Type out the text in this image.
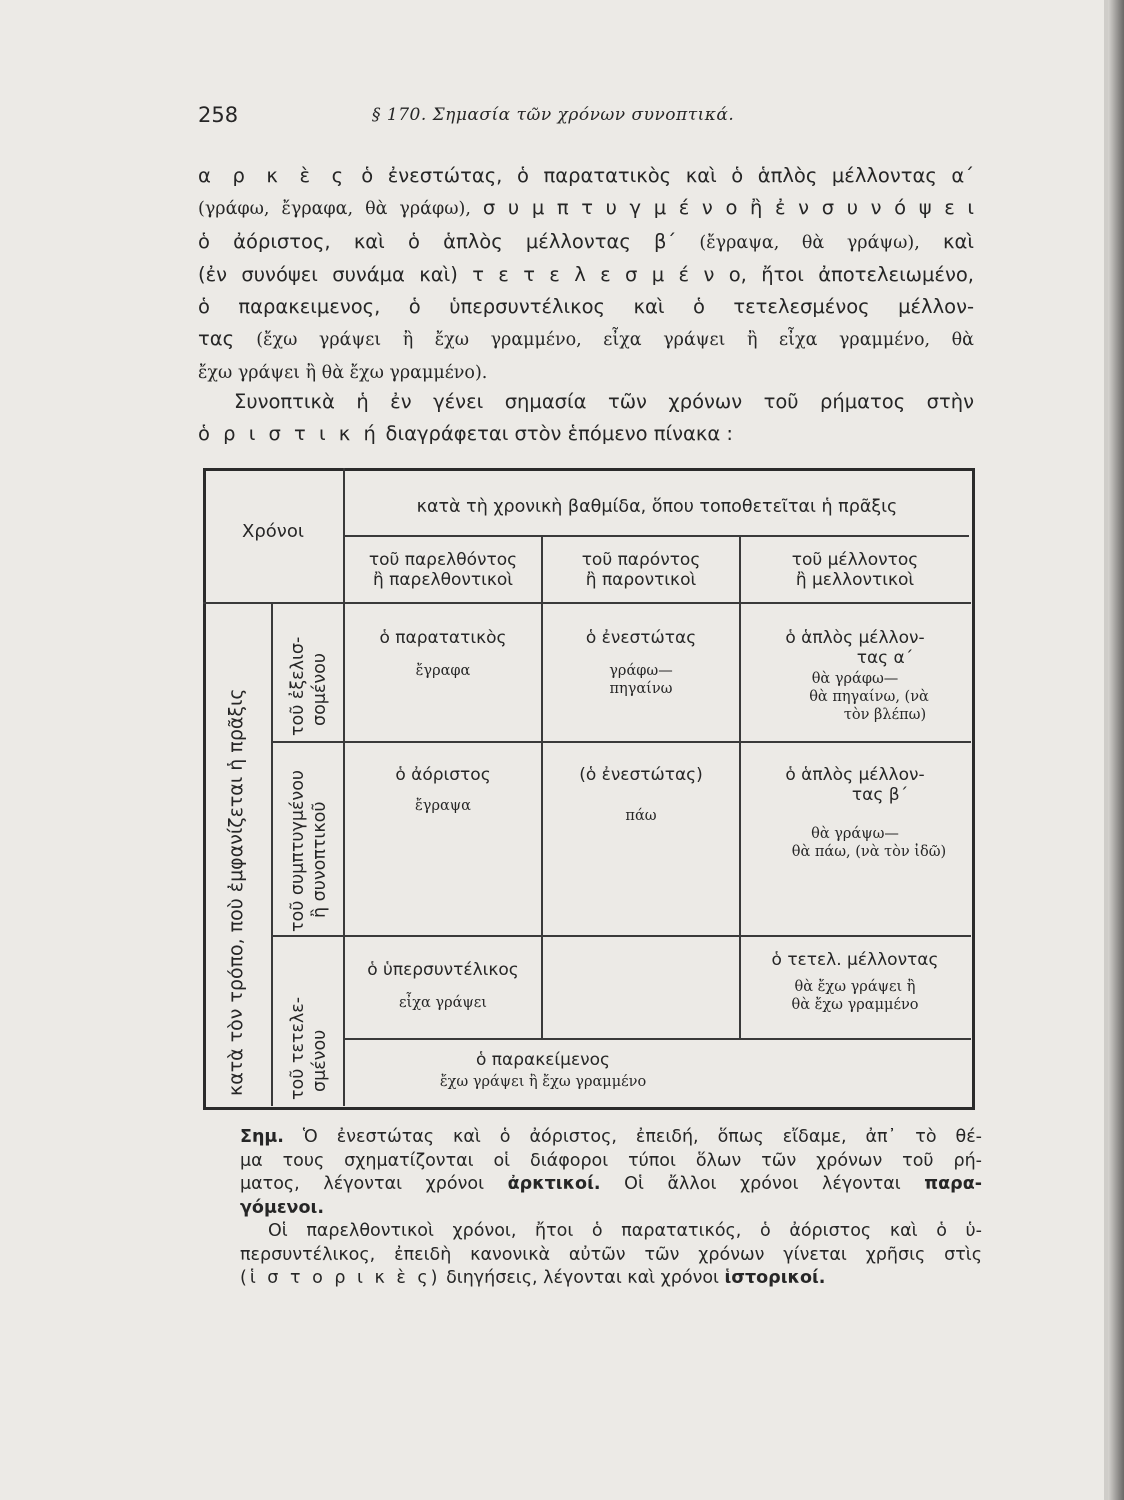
258	§ 170. Σημασία τῶν χρόνων συνοπτικά.
α ρ κ ὲ ς ὁ ἐνεστώτας, ὁ παρατατικὸς καὶ ὁ ἁπλὸς μέλλοντας α´
(γράφω, ἔγραφα, θὰ γράφω), σ υ μ π τ υ γ μ έ ν ο ἢ ἐ ν σ υ ν ό ψ ε ι
ὁ ἀόριστος, καὶ ὁ ἁπλὸς μέλλοντας β´ (ἔγραψα, θὰ γράψω), καὶ
(ἐν συνόψει συνάμα καὶ) τ ε τ ε λ ε σ μ έ ν ο, ἤτοι ἀποτελειωμένο,
ὁ παρακειμενος, ὁ ὑπερσυντέλικος καὶ ὁ τετελεσμένος μέλλον-
τας (ἔχω γράψει ἢ ἔχω γραμμένο, εἶχα γράψει ἢ εἶχα γραμμένο, θὰ
ἔχω γράψει ἢ θὰ ἔχω γραμμένο).
Συνοπτικὰ ἡ ἐν γένει σημασία τῶν χρόνων τοῦ ρήματος στὴν
ὁ ρ ι σ τ ι κ ή διαγράφεται στὸν ἑπόμενο πίνακα :
Χρόνοι
κατὰ τὴ χρονικὴ βαθμίδα, ὅπου τοποθετεῖται ἡ πρᾶξις
τοῦ παρελθόντος
ἢ παρελθοντικοὶ
τοῦ παρόντος
ἢ παροντικοὶ
τοῦ μέλλοντος
ἢ μελλοντικοὶ
κατὰ τὸν τρόπο, ποὺ ἐμφανίζεται ἡ πρᾶξις τοῦ συμπτυγμένου ἢ συνοπτικοῦ
τοῦ ἐξελισ- σομένου
τοῦ τετελε- σμένου
ὁ παρατατικὸς
ἔγραφα
ὁ ἐνεστώτας
γράφω—
πηγαίνω
ὁ ἁπλὸς μέλλον-
τας α´
θὰ γράφω—
θὰ πηγαίνω, (νὰ
τὸν βλέπω)
ὁ ἀόριστος
ἔγραψα
(ὁ ἐνεστώτας)
πάω
ὁ ἁπλὸς μέλλον-
τας β´
θὰ γράψω—
θὰ πάω, (νὰ τὸν ἰδῶ)
ὁ ὑπερσυντέλικος
εἶχα γράψει
ὁ τετελ. μέλλοντας
θὰ ἔχω γράψει ἢ
θὰ ἔχω γραμμένο
ὁ παρακείμενος
ἔχω γράψει ἢ ἔχω γραμμένο
Σημ. Ὁ ἐνεστώτας καὶ ὁ ἀόριστος, ἐπειδή, ὅπως εἴδαμε, ἀπ᾽ τὸ θέ-
μα τους σχηματίζονται οἱ διάφοροι τύποι ὅλων τῶν χρόνων τοῦ ρή-
ματος, λέγονται χρόνοι ἀρκτικοί. Οἱ ἄλλοι χρόνοι λέγονται παρα-
γόμενοι.
Οἱ παρελθοντικοὶ χρόνοι, ἤτοι ὁ παρατατικός, ὁ ἀόριστος καὶ ὁ ὑ-
περσυντέλικος, ἐπειδὴ κανονικὰ αὐτῶν τῶν χρόνων γίνεται χρῆσις στὶς
(ἱ σ τ ο ρ ι κ ὲ ς) διηγήσεις, λέγονται καὶ χρόνοι ἱστορικοί.
